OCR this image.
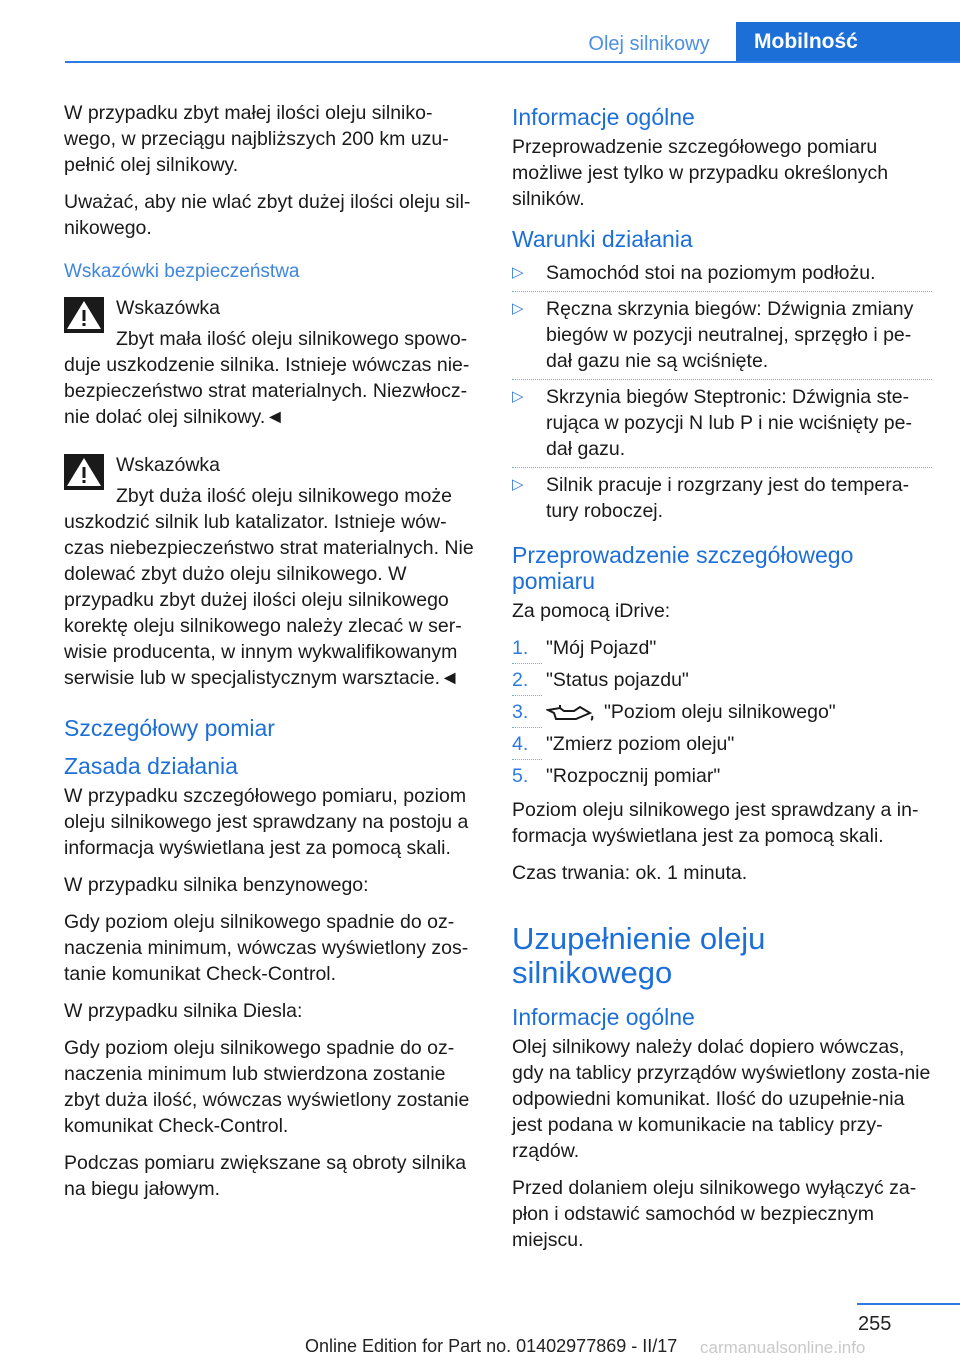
Olej silnikowy	Mobilność

W przypadku zbyt małej ilości oleju silniko-wego, w przeciągu najbliższych 200 km uzu-pełnić olej silnikowy.

Uważać, aby nie wlać zbyt dużej ilości oleju sil-nikowego.

Wskazówki bezpieczeństwa
Wskazówka

Zbyt mała ilość oleju silnikowego spowo-duje uszkodzenie silnika. Istnieje wówczas nie-bezpieczeństwo strat materialnych. Niezwłocz-nie dolać olej silnikowy.◄

Wskazówka

Zbyt duża ilość oleju silnikowego może uszkodzić silnik lub katalizator. Istnieje wów-czas niebezpieczeństwo strat materialnych. Nie dolewać zbyt dużo oleju silnikowego. W przypadku zbyt dużej ilości oleju silnikowego korektę oleju silnikowego należy zlecać w ser-wisie producenta, w innym wykwalifikowanym serwisie lub w specjalistycznym warsztacie.◄

Szczegółowy pomiar
Zasada działania

W przypadku szczegółowego pomiaru, poziom oleju silnikowego jest sprawdzany na postoju a informacja wyświetlana jest za pomocą skali.

W przypadku silnika benzynowego:

Gdy poziom oleju silnikowego spadnie do oz-naczenia minimum, wówczas wyświetlony zos-tanie komunikat Check-Control.

W przypadku silnika Diesla:

Gdy poziom oleju silnikowego spadnie do oz-naczenia minimum lub stwierdzona zostanie zbyt duża ilość, wówczas wyświetlony zostanie komunikat Check-Control.

Podczas pomiaru zwiększane są obroty silnika na biegu jałowym.

Informacje ogólne

Przeprowadzenie szczegółowego pomiaru możliwe jest tylko w przypadku określonych silników.

Warunki działania
▷ Samochód stoi na poziomym podłożu.
▷ Ręczna skrzynia biegów: Dźwignia zmiany biegów w pozycji neutralnej, sprzęgło i pe-dał gazu nie są wciśnięte.
▷ Skrzynia biegów Steptronic: Dźwignia ste-rująca w pozycji N lub P i nie wciśnięty pe-dał gazu.
▷ Silnik pracuje i rozgrzany jest do tempera-tury roboczej.
Przeprowadzenie szczegółowego pomiaru

Za pomocą iDrive:

1. "Mój Pojazd"
2. "Status pojazdu"
3.	"Poziom oleju silnikowego"
4. "Zmierz poziom oleju"
5. "Rozpocznij pomiar"

Poziom oleju silnikowego jest sprawdzany a in-formacja wyświetlana jest za pomocą skali.

Czas trwania: ok. 1 minuta.

Uzupełnienie oleju silnikowego
Informacje ogólne

Olej silnikowy należy dolać dopiero wówczas, gdy na tablicy przyrządów wyświetlony zosta-nie odpowiedni komunikat. Ilość do uzupełnie-nia jest podana w komunikacie na tablicy przy-rządów.

Przed dolaniem oleju silnikowego wyłączyć za-płon i odstawić samochód w bezpiecznym miejscu.

255
Online Edition for Part no. 01402977869 - II/17 carmanualsonline.info
